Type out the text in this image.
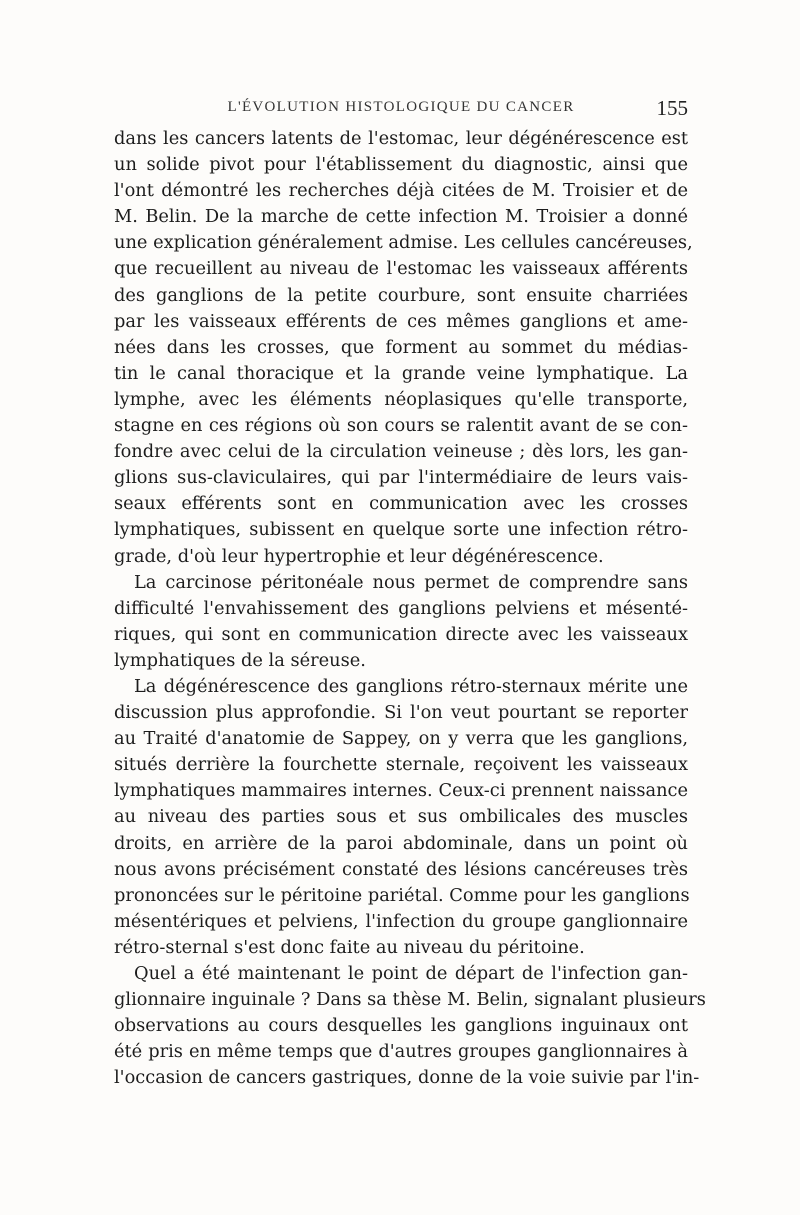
L'ÉVOLUTION HISTOLOGIQUE DU CANCER	155
dans les cancers latents de l'estomac, leur dégénérescence est
un solide pivot pour l'établissement du diagnostic, ainsi que
l'ont démontré les recherches déjà citées de M. Troisier et de
M. Belin. De la marche de cette infection M. Troisier a donné
une explication généralement admise. Les cellules cancéreuses,
que recueillent au niveau de l'estomac les vaisseaux afférents
des ganglions de la petite courbure, sont ensuite charriées
par les vaisseaux efférents de ces mêmes ganglions et ame-
nées dans les crosses, que forment au sommet du médias-
tin le canal thoracique et la grande veine lymphatique. La
lymphe, avec les éléments néoplasiques qu'elle transporte,
stagne en ces régions où son cours se ralentit avant de se con-
fondre avec celui de la circulation veineuse ; dès lors, les gan-
glions sus-claviculaires, qui par l'intermédiaire de leurs vais-
seaux efférents sont en communication avec les crosses
lymphatiques, subissent en quelque sorte une infection rétro-
grade, d'où leur hypertrophie et leur dégénérescence.
La carcinose péritonéale nous permet de comprendre sans
difficulté l'envahissement des ganglions pelviens et mésenté-
riques, qui sont en communication directe avec les vaisseaux
lymphatiques de la séreuse.
La dégénérescence des ganglions rétro-sternaux mérite une
discussion plus approfondie. Si l'on veut pourtant se reporter
au Traité d'anatomie de Sappey, on y verra que les ganglions,
situés derrière la fourchette sternale, reçoivent les vaisseaux
lymphatiques mammaires internes. Ceux-ci prennent naissance
au niveau des parties sous et sus ombilicales des muscles
droits, en arrière de la paroi abdominale, dans un point où
nous avons précisément constaté des lésions cancéreuses très
prononcées sur le péritoine pariétal. Comme pour les ganglions
mésentériques et pelviens, l'infection du groupe ganglionnaire
rétro-sternal s'est donc faite au niveau du péritoine.
Quel a été maintenant le point de départ de l'infection gan-
glionnaire inguinale ? Dans sa thèse M. Belin, signalant plusieurs
observations au cours desquelles les ganglions inguinaux ont
été pris en même temps que d'autres groupes ganglionnaires à
l'occasion de cancers gastriques, donne de la voie suivie par l'in-
